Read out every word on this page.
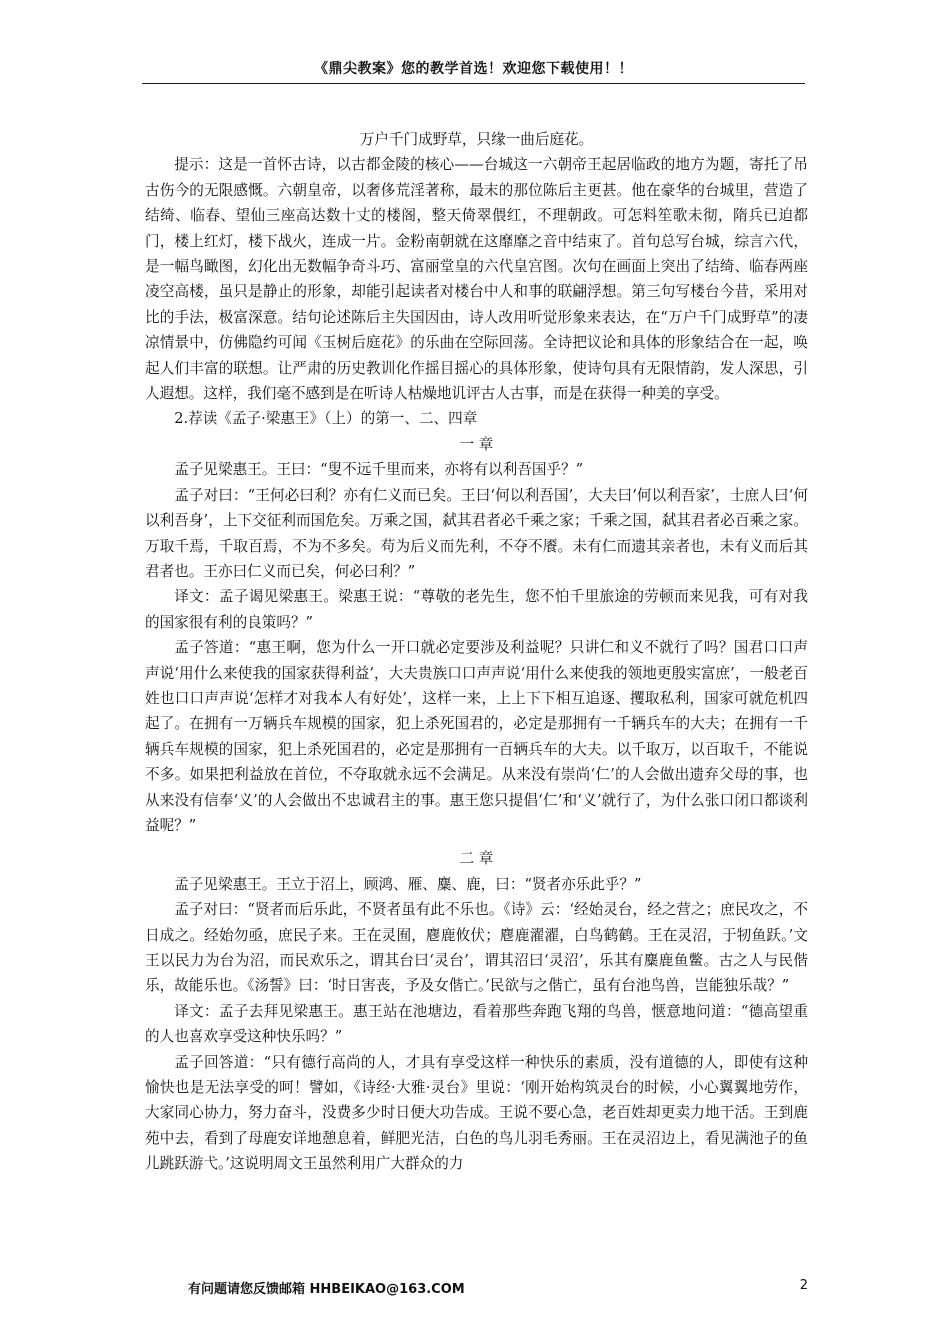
《鼎尖教案》您的教学首选！欢迎您下载使用！！

万户千门成野草，只缘一曲后庭花。

提示：这是一首怀古诗，以古都金陵的核心——台城这一六朝帝王起居临政的地方为题，寄托了吊古伤今的无限感慨。六朝皇帝，以奢侈荒淫著称，最末的那位陈后主更甚。他在豪华的台城里，营造了结绮、临春、望仙三座高达数十丈的楼阁，整天倚翠偎红，不理朝政。可怎料笙歌未彻，隋兵已迫都门，楼上红灯，楼下战火，连成一片。金粉南朝就在这靡靡之音中结束了。首句总写台城，综言六代，是一幅鸟瞰图，幻化出无数幅争奇斗巧、富丽堂皇的六代皇宫图。次句在画面上突出了结绮、临春两座凌空高楼，虽只是静止的形象，却能引起读者对楼台中人和事的联翩浮想。第三句写楼台今昔，采用对比的手法，极富深意。结句论述陈后主失国因由，诗人改用听觉形象来表达，在“万户千门成野草”的凄凉情景中，仿佛隐约可闻《玉树后庭花》的乐曲在空际回荡。全诗把议论和具体的形象结合在一起，唤起人们丰富的联想。让严肃的历史教训化作摇目摇心的具体形象，使诗句具有无限情韵，发人深思，引人遐想。这样，我们毫不感到是在听诗人枯燥地讥评古人古事，而是在获得一种美的享受。

2.荐读《孟子·梁惠王》（上）的第一、二、四章

一 章

孟子见梁惠王。王曰：“叟不远千里而来，亦将有以利吾国乎？”

孟子对曰：“王何必曰利？亦有仁义而已矣。王曰‘何以利吾国’，大夫曰‘何以利吾家’，士庶人曰‘何以利吾身’，上下交征利而国危矣。万乘之国，弑其君者必千乘之家；千乘之国，弑其君者必百乘之家。万取千焉，千取百焉，不为不多矣。苟为后义而先利，不夺不餍。未有仁而遗其亲者也，未有义而后其君者也。王亦曰仁义而已矣，何必曰利？”

译文：孟子谒见梁惠王。梁惠王说：“尊敬的老先生，您不怕千里旅途的劳顿而来见我，可有对我的国家很有利的良策吗？”

孟子答道：“惠王啊，您为什么一开口就必定要涉及利益呢？只讲仁和义不就行了吗？国君口口声声说‘用什么来使我的国家获得利益’，大夫贵族口口声声说‘用什么来使我的领地更殷实富庶’，一般老百姓也口口声声说‘怎样才对我本人有好处’，这样一来，上上下下相互追逐、攫取私利，国家可就危机四起了。在拥有一万辆兵车规模的国家，犯上杀死国君的，必定是那拥有一千辆兵车的大夫；在拥有一千辆兵车规模的国家，犯上杀死国君的，必定是那拥有一百辆兵车的大夫。以千取万，以百取千，不能说不多。如果把利益放在首位，不夺取就永远不会满足。从来没有崇尚‘仁’的人会做出遗弃父母的事，也从来没有信奉‘义’的人会做出不忠诚君主的事。惠王您只提倡‘仁’和‘义’就行了，为什么张口闭口都谈利益呢？”

二 章

孟子见梁惠王。王立于沼上，顾鸿、雁、麋、鹿，曰：“贤者亦乐此乎？”

孟子对曰：“贤者而后乐此，不贤者虽有此不乐也。《诗》云：‘经始灵台，经之营之；庶民攻之，不日成之。经始勿亟，庶民子来。王在灵囿，麀鹿攸伏；麀鹿濯濯，白鸟鹤鹤。王在灵沼，于牣鱼跃。’文王以民力为台为沼，而民欢乐之，谓其台曰‘灵台’，谓其沼曰‘灵沼’，乐其有麋鹿鱼鳖。古之人与民偕乐，故能乐也。《汤誓》曰：‘时日害丧，予及女偕亡。’民欲与之偕亡，虽有台池鸟兽，岂能独乐哉？”

译文：孟子去拜见梁惠王。惠王站在池塘边，看着那些奔跑飞翔的鸟兽，惬意地问道：“德高望重的人也喜欢享受这种快乐吗？”

孟子回答道：“只有德行高尚的人，才具有享受这样一种快乐的素质，没有道德的人，即使有这种愉快也是无法享受的呵！譬如，《诗经·大雅·灵台》里说：‘刚开始构筑灵台的时候，小心翼翼地劳作，大家同心协力，努力奋斗，没费多少时日便大功告成。王说不要心急，老百姓却更卖力地干活。王到鹿苑中去，看到了母鹿安详地憩息着，鲜肥光洁，白色的鸟儿羽毛秀丽。王在灵沼边上，看见满池子的鱼儿跳跃游弋。’这说明周文王虽然利用广大群众的力

有问题请您反馈邮箱 HHBEIKAO@163.COM	2
